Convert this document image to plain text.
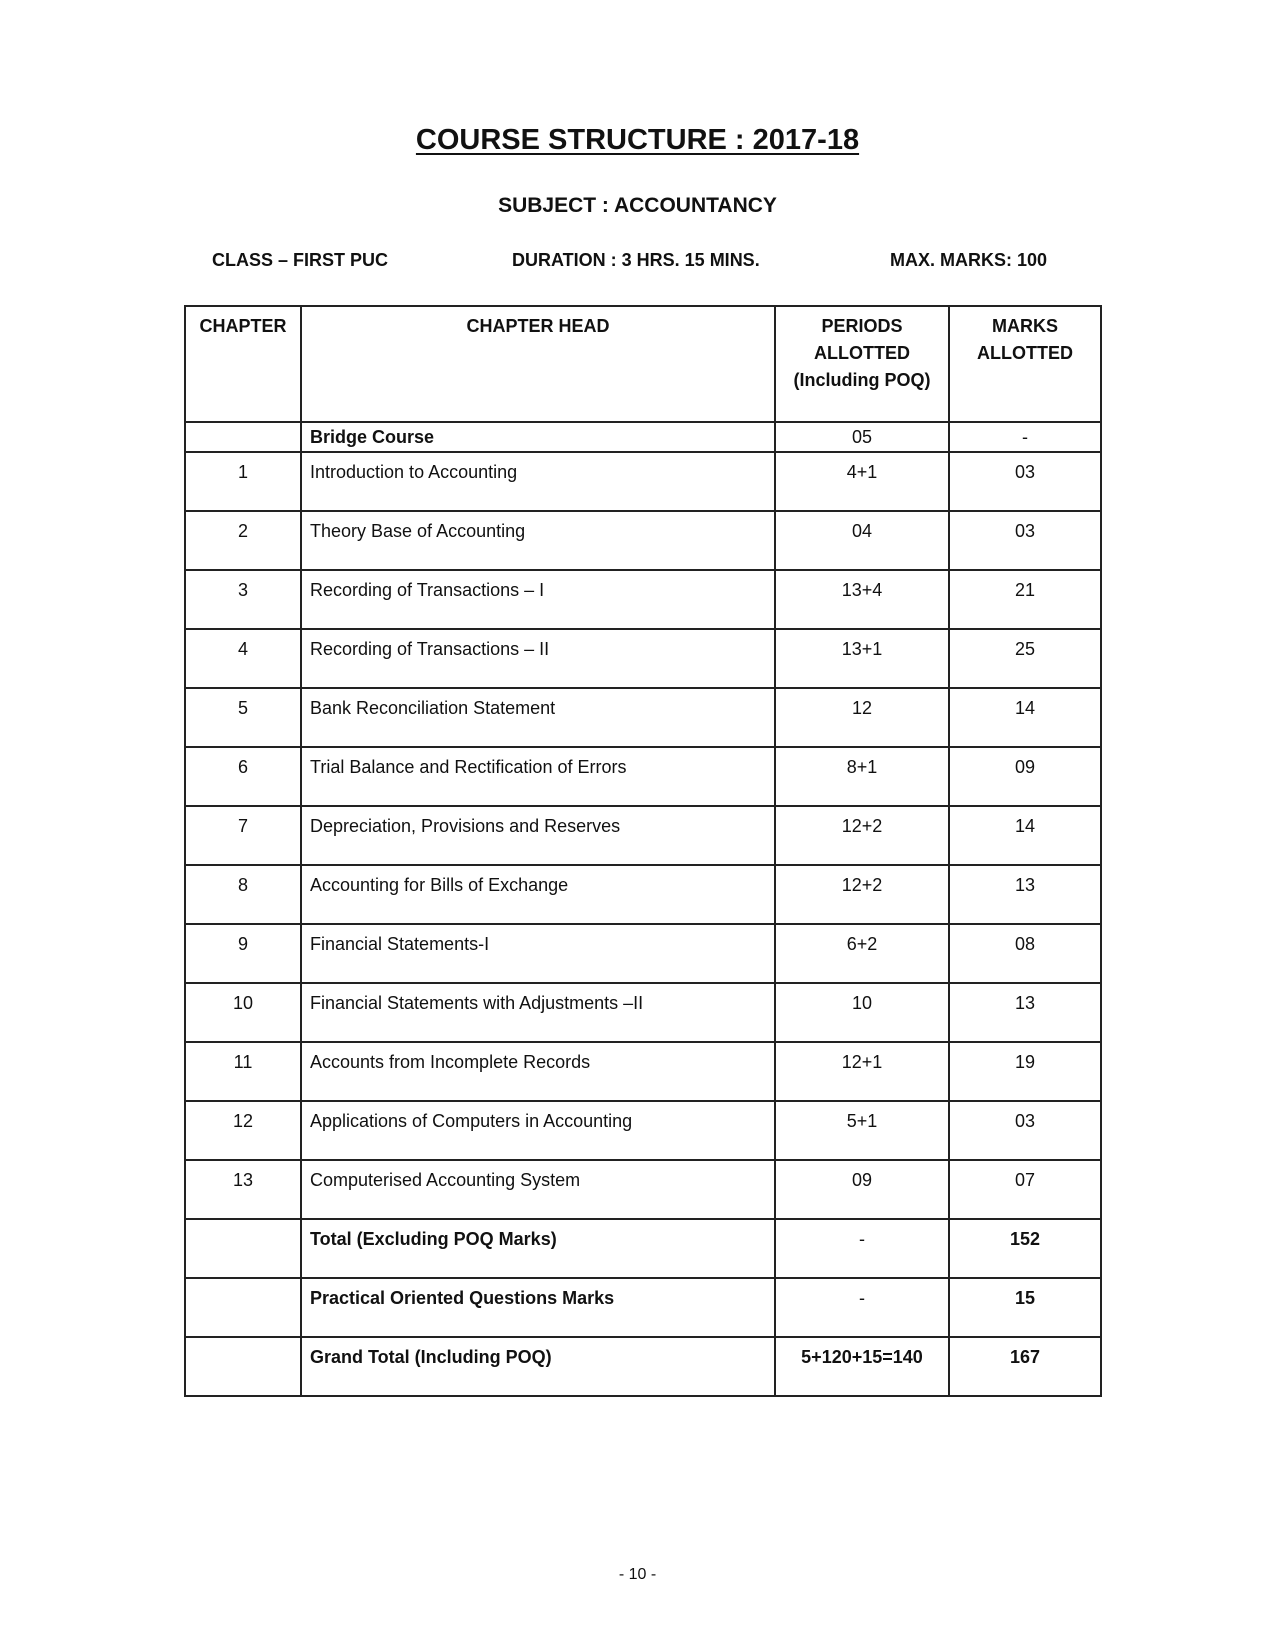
COURSE STRUCTURE : 2017-18
SUBJECT : ACCOUNTANCY
CLASS – FIRST PUC	DURATION : 3 HRS. 15 MINS.	MAX. MARKS: 100
CHAPTER	CHAPTER HEAD	PERIODS ALLOTTED (Including POQ)	MARKS ALLOTTED
	Bridge Course	05	-
1	Introduction to Accounting	4+1	03
2	Theory Base of Accounting	04	03
3	Recording of Transactions – I	13+4	21
4	Recording of Transactions – II	13+1	25
5	Bank Reconciliation Statement	12	14
6	Trial Balance and Rectification of Errors	8+1	09
7	Depreciation, Provisions and Reserves	12+2	14
8	Accounting for Bills of Exchange	12+2	13
9	Financial Statements-I	6+2	08
10	Financial Statements with Adjustments –II	10	13
11	Accounts from Incomplete Records	12+1	19
12	Applications of Computers in Accounting	5+1	03
13	Computerised Accounting System	09	07
	Total (Excluding POQ Marks)	-	152
	Practical Oriented Questions Marks	-	15
	Grand Total (Including POQ)	5+120+15=140	167
- 10 -
